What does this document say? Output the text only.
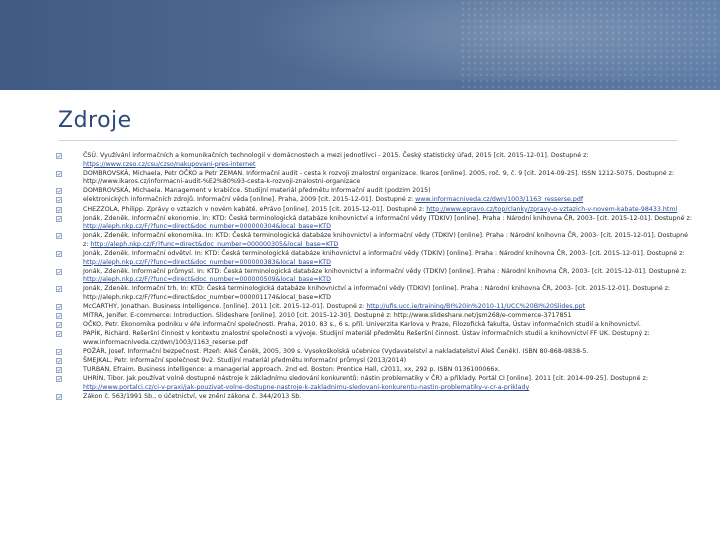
Zdroje
ČSÚ. Využívání informačních a komunikačních technologií v domácnostech a mezi jednotlivci - 2015. Český statistický úřad, 2015 [cit. 2015-12-01]. Dostupné z: https://www.czso.cz/csu/czso/nakupovani-pres-internet
DOMBROVSKÁ, Michaela, Petr OČKO a Petr ZEMAN. Informační audit - cesta k rozvoji znalostní organizace. Ikaros [online]. 2005, roč. 9, č. 9 [cit. 2014-09-25]. ISSN 1212-5075. Dostupné z: http://www.ikaros.cz/informacni-audit-%E2%80%93-cesta-k-rozvoji-znalostni-organizace
DOMBROVSKÁ, Michaela. Management v krabičce. Studijní materiál předmětu Informační audit (podzim 2015)
elektronických informačních zdrojů. Informační věda [online]. Praha, 2009 [cit. 2015-12-01]. Dostupné z: www.informacniveda.cz/dwn/1003/1163_resserse.pdf
CHEZZOLA, Philipp. Zprávy o vztazích v novém kabátě. ePrávo [online]. 2015 [cit. 2015-12-01]. Dostupné z: http://www.epravo.cz/top/clanky/zpravy-o-vztazich-v-novem-kabate-98433.html
Jonák, Zdeněk. Informační ekonomie. In: KTD: Česká terminologická databáze knihovnictví a informační vědy (TDKIV) [online]. Praha : Národní knihovna ČR, 2003- [cit. 2015-12-01]. Dostupné z: http://aleph.nkp.cz/F/?func=direct&doc_number=000000304&local_base=KTD
Jonák, Zdeněk. Informační ekonomika. In: KTD: Česká terminologická databáze knihovnictví a informační vědy (TDKIV) [online]. Praha : Národní knihovna ČR, 2003- [cit. 2015-12-01]. Dostupné z: http://aleph.nkp.cz/F/?func=direct&doc_number=000000305&local_base=KTD
Jonák, Zdeněk. Informační odvětví. In: KTD: Česká terminologická databáze knihovnictví a informační vědy (TDKIV) [online]. Praha : Národní knihovna ČR, 2003- [cit. 2015-12-01]. Dostupné z: http://aleph.nkp.cz/F/?func=direct&doc_number=000000383&local_base=KTD
Jonák, Zdeněk. Informační průmysl. In: KTD: Česká terminologická databáze knihovnictví a informační vědy (TDKIV) [online]. Praha : Národní knihovna ČR, 2003- [cit. 2015-12-01]. Dostupné z: http://aleph.nkp.cz/F/?func=direct&doc_number=000000509&local_base=KTD
Jonák, Zdeněk. Informační trh. In: KTD: Česká terminologická databáze knihovnictví a informační vědy (TDKIV) [online]. Praha : Národní knihovna ČR, 2003- [cit. 2015-12-01]. Dostupné z: http://aleph.nkp.cz/F/?func=direct&doc_number=000001174&local_base=KTD
McCARTHY, Jonathan. Business Intelligence. [online]. 2011 [cit. 2015-12-01]. Dostupné z: http://ufis.ucc.ie/training/BI%20in%2010-11/UCC%20BI%20Slides.ppt
MITRA, Jenifer. E-commerce: Introduction. Slideshare [online]. 2010 [cit. 2015-12-30]. Dostupné z: http://www.slideshare.net/jsm268/e-commerce-3717851
OČKO, Petr. Ekonomika podniku v éře informační společnosti. Praha, 2010. 83 s., 6 s. příl. Univerzita Karlova v Praze, Filozofická fakulta, Ústav informačních studií a knihovnictví.
PAPÍK, Richard. Rešeršní činnost v kontextu znalostní společnosti a vývoje. Studijní materiál předmětu Rešeršní činnost. Ústav informačních studií a knihovnictví FF UK. Dostupný z: www.informacniveda.cz/dwn/1003/1163_reserse.pdf
POŽÁR, Josef. Informační bezpečnost. Plzeň: Aleš Čeněk, 2005, 309 s. Vysokoškolská učebnice (Vydavatelství a nakladatelství Aleš Čeněk). ISBN 80-868-9838-5.
ŠMEJKAL, Petr. Informační společnost 9v2. Studijní materiál předmětu Informační průmysl (2013/2014)
TURBAN, Efraim. Business intelligence: a managerial approach. 2nd ed. Boston: Prentice Hall, c2011, xx, 292 p. ISBN 0136100066x.
UHRÍN, Tibor. Jak používat volně dostupné nástroje k základnímu sledování konkurentů: nástin problematiky v ČR) a příklady. Portál CI [online]. 2011 [cit. 2014-09-25]. Dostupné z: http://www.portalci.cz/ci-v-praxi/jak-pouzivat-volne-dostupne-nastroje-k-zakladnimu-sledovani-konkurentu-nastin-problematiky-v-cr-a-priklady
Zákon č. 563/1991 Sb., o účetnictví, ve znění zákona č. 344/2013 Sb.
